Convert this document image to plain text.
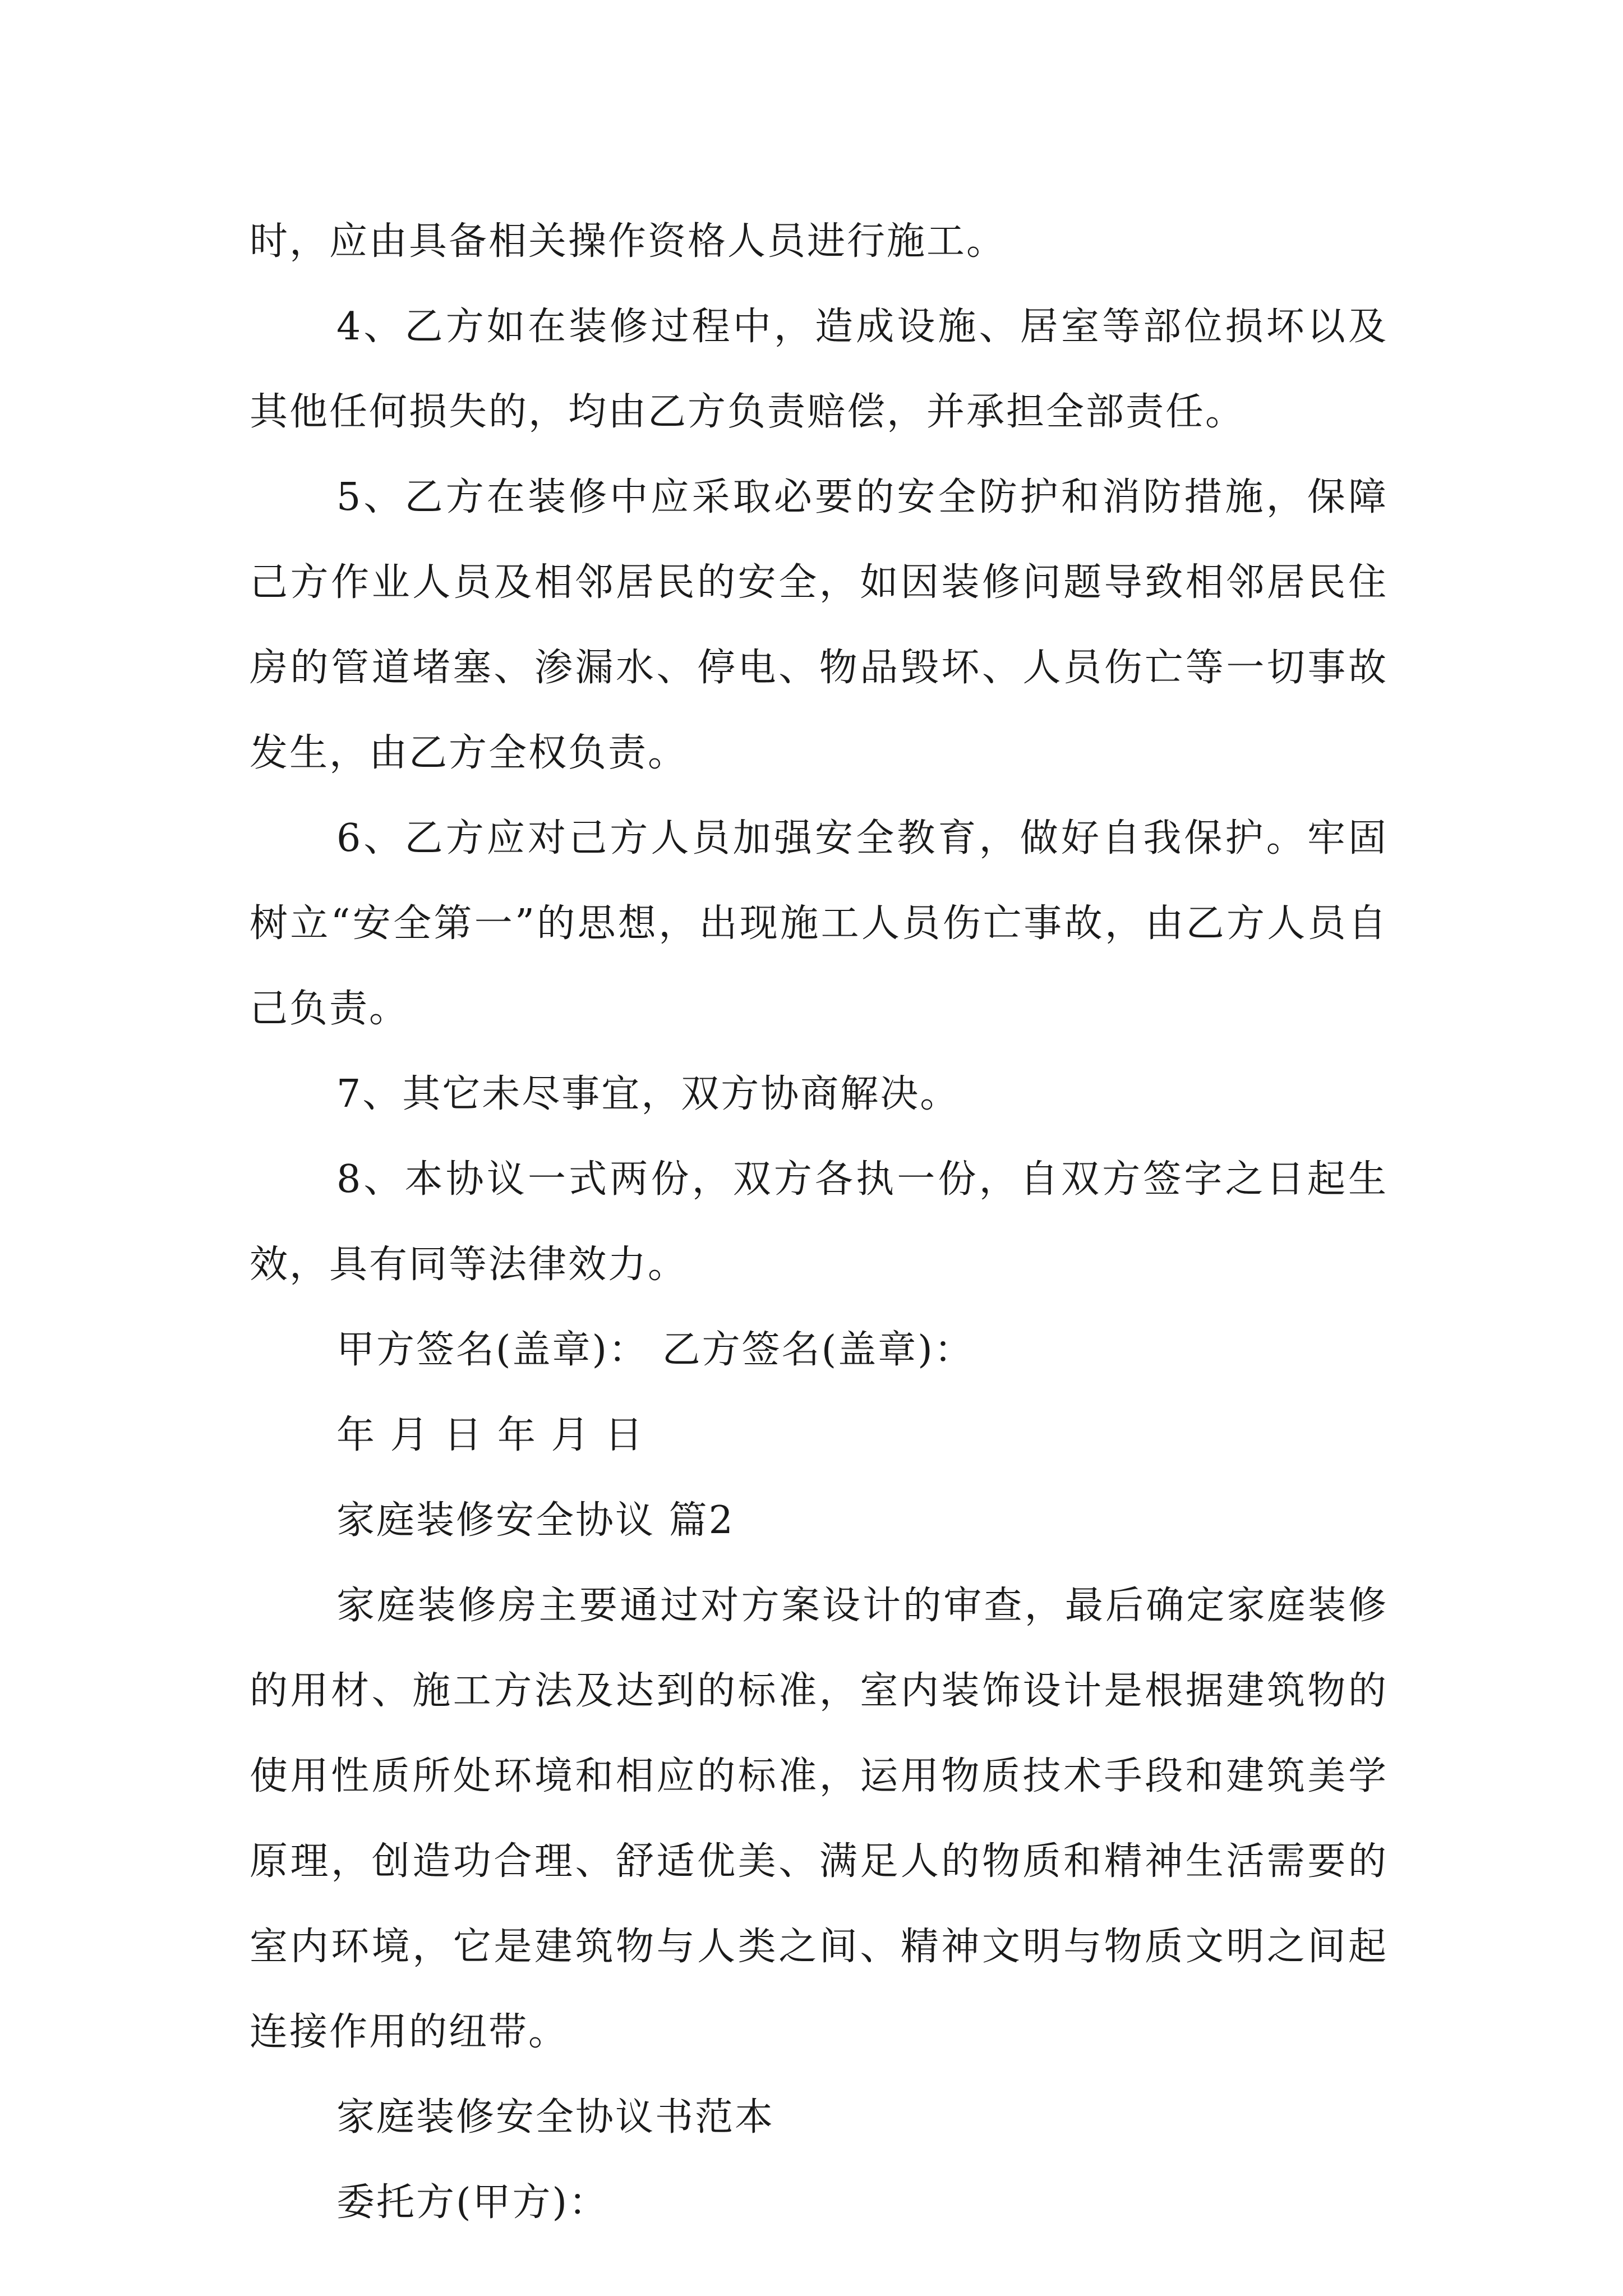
时，应由具备相关操作资格人员进行施工。

4、乙方如在装修过程中，造成设施、居室等部位损坏以及其他任何损失的，均由乙方负责赔偿，并承担全部责任。

5、乙方在装修中应采取必要的安全防护和消防措施，保障己方作业人员及相邻居民的安全，如因装修问题导致相邻居民住房的管道堵塞、渗漏水、停电、物品毁坏、人员伤亡等一切事故发生，由乙方全权负责。

6、乙方应对己方人员加强安全教育，做好自我保护。牢固树立“安全第一”的思想，出现施工人员伤亡事故，由乙方人员自己负责。

7、其它未尽事宜，双方协商解决。

8、本协议一式两份，双方各执一份，自双方签字之日起生效，具有同等法律效力。

甲方签名(盖章)： 乙方签名(盖章)：

年 月 日 年 月 日

家庭装修安全协议 篇2

家庭装修房主要通过对方案设计的审查，最后确定家庭装修的用材、施工方法及达到的标准，室内装饰设计是根据建筑物的使用性质所处环境和相应的标准，运用物质技术手段和建筑美学原理，创造功合理、舒适优美、满足人的物质和精神生活需要的室内环境，它是建筑物与人类之间、精神文明与物质文明之间起连接作用的纽带。

家庭装修安全协议书范本

委托方(甲方)：
